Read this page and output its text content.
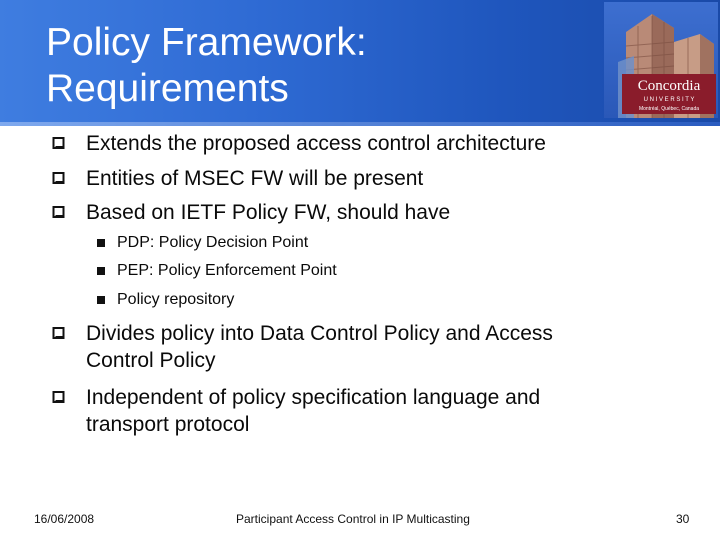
Policy Framework:
Requirements	Concordia
U N I V E R S I T Y
Montréal, Québec, Canada
Extends the proposed access control architecture
Entities of MSEC FW will be present
Based on IETF Policy FW, should have
PDP: Policy Decision Point
PEP: Policy Enforcement Point
Policy repository
Divides policy into Data Control Policy and Access
Control Policy
Independent of policy specification language and
transport protocol
16/06/2008	Participant Access Control in IP Multicasting	30
